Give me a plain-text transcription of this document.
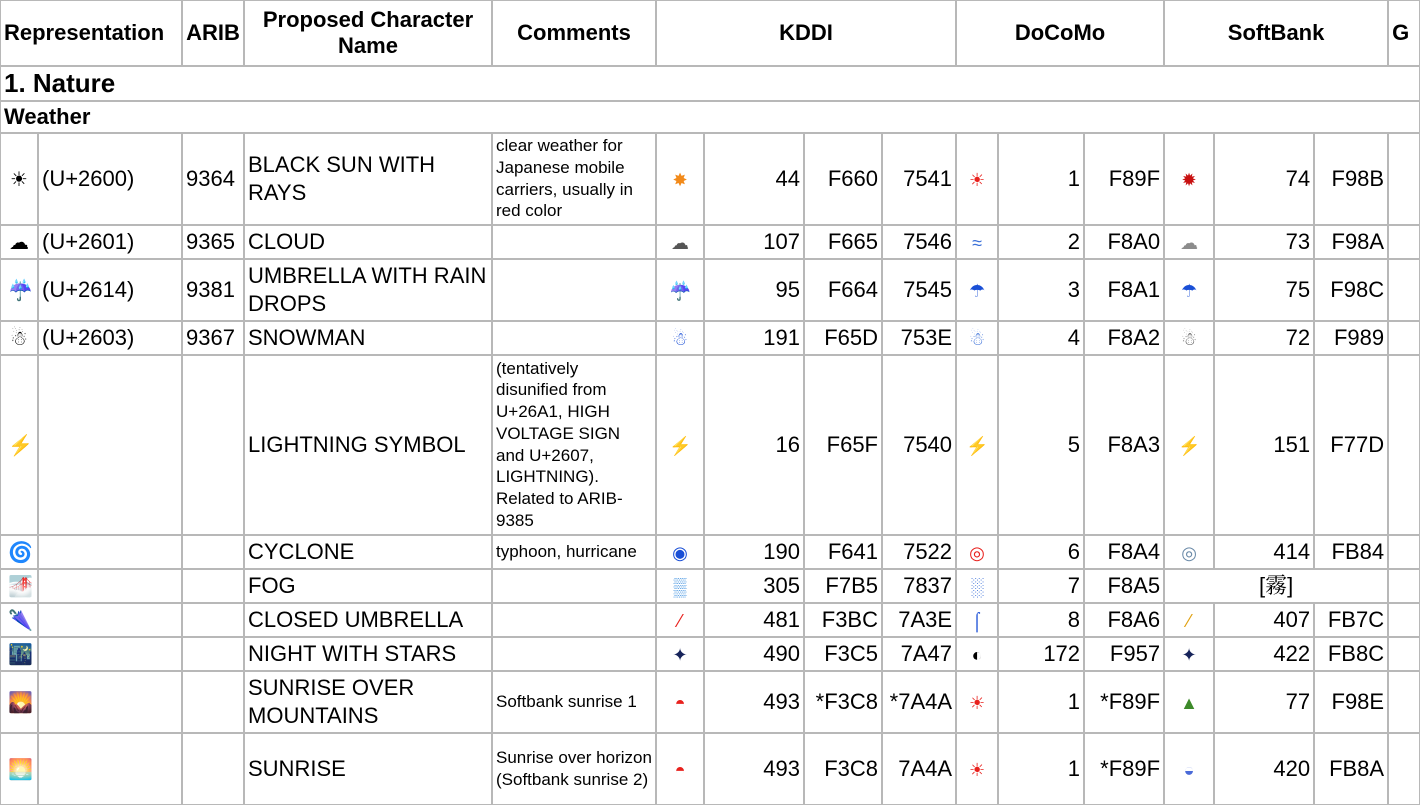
Representation		ARIB	Proposed Character Name	Comments	KDDI				DoCoMo			SoftBank			G
1. Nature															
Weather															
☀	(U+2600)	9364	BLACK SUN WITH RAYS	clear weather for Japanese mobile carriers, usually in red color	✸	44	F660	7541	☀	1	F89F	✹	74	F98B	
☁	(U+2601)	9365	CLOUD		☁	107	F665	7546	≈	2	F8A0	☁	73	F98A	
☔	(U+2614)	9381	UMBRELLA WITH RAIN DROPS		☔	95	F664	7545	☂	3	F8A1	☂	75	F98C	
☃	(U+2603)	9367	SNOWMAN		☃	191	F65D	753E	☃	4	F8A2	☃	72	F989	
⚡			LIGHTNING SYMBOL	(tentatively disunified from U+26A1, HIGH VOLTAGE SIGN and U+2607, LIGHTNING). Related to ARIB-9385	⚡	16	F65F	7540	⚡	5	F8A3	⚡	151	F77D	
🌀			CYCLONE	typhoon, hurricane	◉	190	F641	7522	◎	6	F8A4	◎	414	FB84	
🌁			FOG		▒	305	F7B5	7837	░	7	F8A5	[霧]			
🌂			CLOSED UMBRELLA		⁄	481	F3BC	7A3E	⌠	8	F8A6	⁄	407	FB7C	
🌃			NIGHT WITH STARS		✦	490	F3C5	7A47	◐	172	F957	✦	422	FB8C	
🌄			SUNRISE OVER MOUNTAINS	Softbank sunrise 1	◓	493	*F3C8	*7A4A	☀	1	*F89F	▲	77	F98E	
🌅			SUNRISE	Sunrise over horizon (Softbank sunrise 2)	◓	493	F3C8	7A4A	☀	1	*F89F	◒	420	FB8A	
